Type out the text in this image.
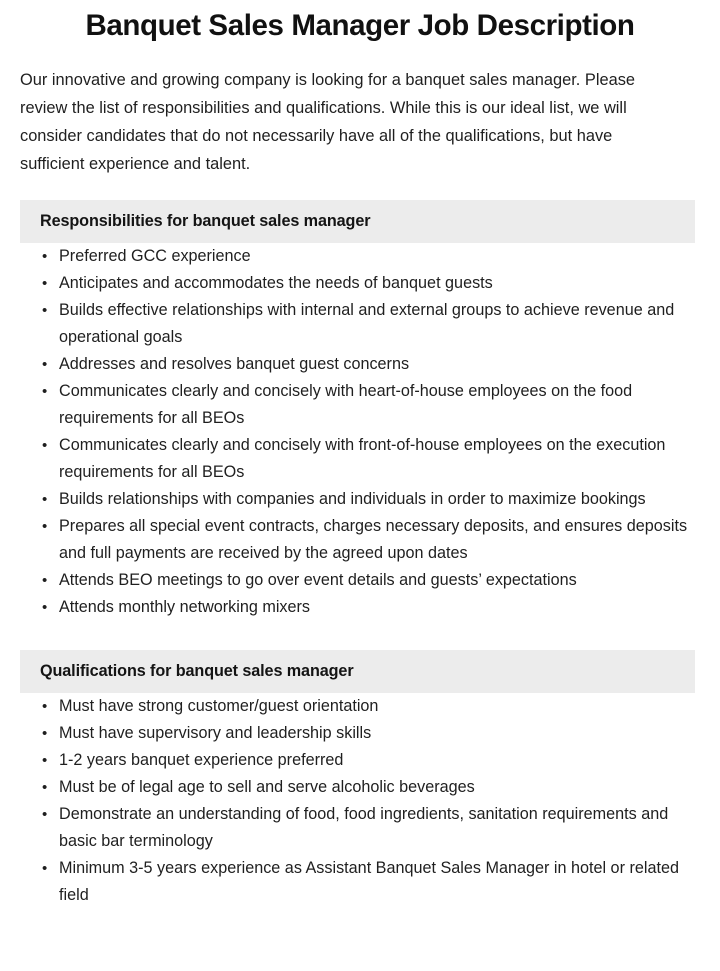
Banquet Sales Manager Job Description

Our innovative and growing company is looking for a banquet sales manager. Please review the list of responsibilities and qualifications. While this is our ideal list, we will consider candidates that do not necessarily have all of the qualifications, but have sufficient experience and talent.

Responsibilities for banquet sales manager
• Preferred GCC experience
• Anticipates and accommodates the needs of banquet guests
• Builds effective relationships with internal and external groups to achieve revenue and operational goals
• Addresses and resolves banquet guest concerns
• Communicates clearly and concisely with heart-of-house employees on the food requirements for all BEOs
• Communicates clearly and concisely with front-of-house employees on the execution requirements for all BEOs
• Builds relationships with companies and individuals in order to maximize bookings
• Prepares all special event contracts, charges necessary deposits, and ensures deposits and full payments are received by the agreed upon dates
• Attends BEO meetings to go over event details and guests’ expectations
• Attends monthly networking mixers
Qualifications for banquet sales manager
• Must have strong customer/guest orientation
• Must have supervisory and leadership skills
• 1-2 years banquet experience preferred
• Must be of legal age to sell and serve alcoholic beverages
• Demonstrate an understanding of food, food ingredients, sanitation requirements and basic bar terminology
• Minimum 3-5 years experience as Assistant Banquet Sales Manager in hotel or related field
